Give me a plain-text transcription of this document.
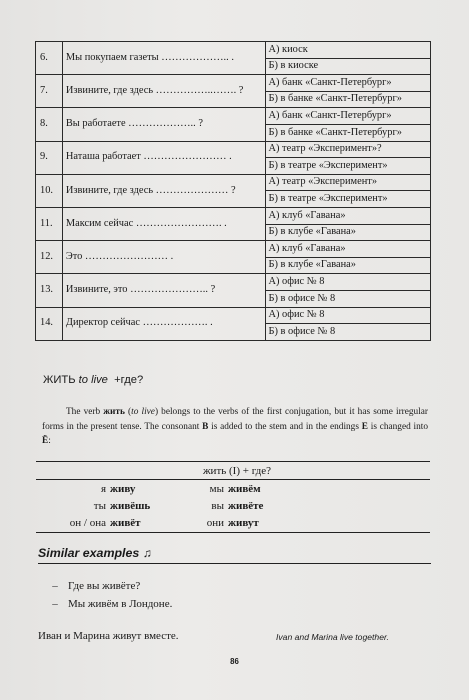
6.	Мы покупаем газеты ……………….. .	А) киоск
		Б) в киоске
7.	Извините, где здесь ……………..……. ?	А) банк «Санкт-Петербург»
		Б) в банке «Санкт-Петербург»
8.	Вы работаете ……………….. ?	А) банк «Санкт-Петербург»
		Б) в банке «Санкт-Петербург»
9.	Наташа работает …………………… .	А) театр «Эксперимент»?
		Б) в театре «Эксперимент»
10.	Извините, где здесь ………………… ?	А) театр «Эксперимент»
		Б) в театре «Эксперимент»
11.	Максим сейчас ……………………. .	А) клуб «Гавана»
		Б) в клубе «Гавана»
12.	Это …………………… .	А) клуб «Гавана»
		Б) в клубе «Гавана»
13.	Извините, это ………………….. ?	А) офис № 8
		Б) в офисе № 8
14.	Директор сейчас ………………. .	А) офис № 8
		Б) в офисе № 8
ЖИТЬ to live +где?
The verb жить (to live) belongs to the verbs of the first conjugation, but it has some irregular forms in the present tense. The consonant В is added to the stem and in the endings Е is changed into Ё:
жить (I) + где?			
я	живу	мы	живём
ты	живёшь	вы	живёте
он / она	живёт	они	живут
Similar examples ♫
– Где вы живёте?
– Мы живём в Лондоне.
Иван и Марина живут вместе.	Ivan and Marina live together.
86
